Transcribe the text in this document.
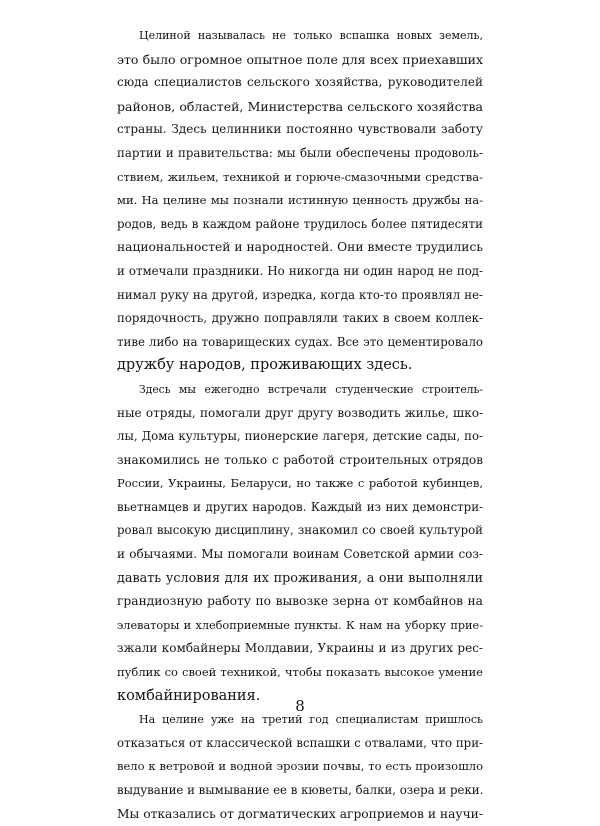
Целиной называлась не только вспашка новых земель,
это было огромное опытное поле для всех приехавших
сюда специалистов сельского хозяйства, руководителей
районов, областей, Министерства сельского хозяйства
страны. Здесь целинники постоянно чувствовали заботу
партии и правительства: мы были обеспечены продоволь-
ствием, жильем, техникой и горюче-смазочными средства-
ми. На целине мы познали истинную ценность дружбы на-
родов, ведь в каждом районе трудилось более пятидесяти
национальностей и народностей. Они вместе трудились
и отмечали праздники. Но никогда ни один народ не под-
нимал руку на другой, изредка, когда кто-то проявлял не-
порядочность, дружно поправляли таких в своем коллек-
тиве либо на товарищеских судах. Все это цементировало
дружбу народов, проживающих здесь.
Здесь мы ежегодно встречали студенческие строитель-
ные отряды, помогали друг другу возводить жилье, шко-
лы, Дома культуры, пионерские лагеря, детские сады, по-
знакомились не только с работой строительных отрядов
России, Украины, Беларуси, но также с работой кубинцев,
вьетнамцев и других народов. Каждый из них демонстри-
ровал высокую дисциплину, знакомил со своей культурой
и обычаями. Мы помогали воинам Советской армии соз-
давать условия для их проживания, а они выполняли
грандиозную работу по вывозке зерна от комбайнов на
элеваторы и хлебоприемные пункты. К нам на уборку прие-
зжали комбайнеры Молдавии, Украины и из других рес-
публик со своей техникой, чтобы показать высокое умение
комбайнирования.
На целине уже на третий год специалистам пришлось
отказаться от классической вспашки с отвалами, что при-
вело к ветровой и водной эрозии почвы, то есть произошло
выдувание и вымывание ее в кюветы, балки, озера и реки.
Мы отказались от догматических агроприемов и научи-
8
